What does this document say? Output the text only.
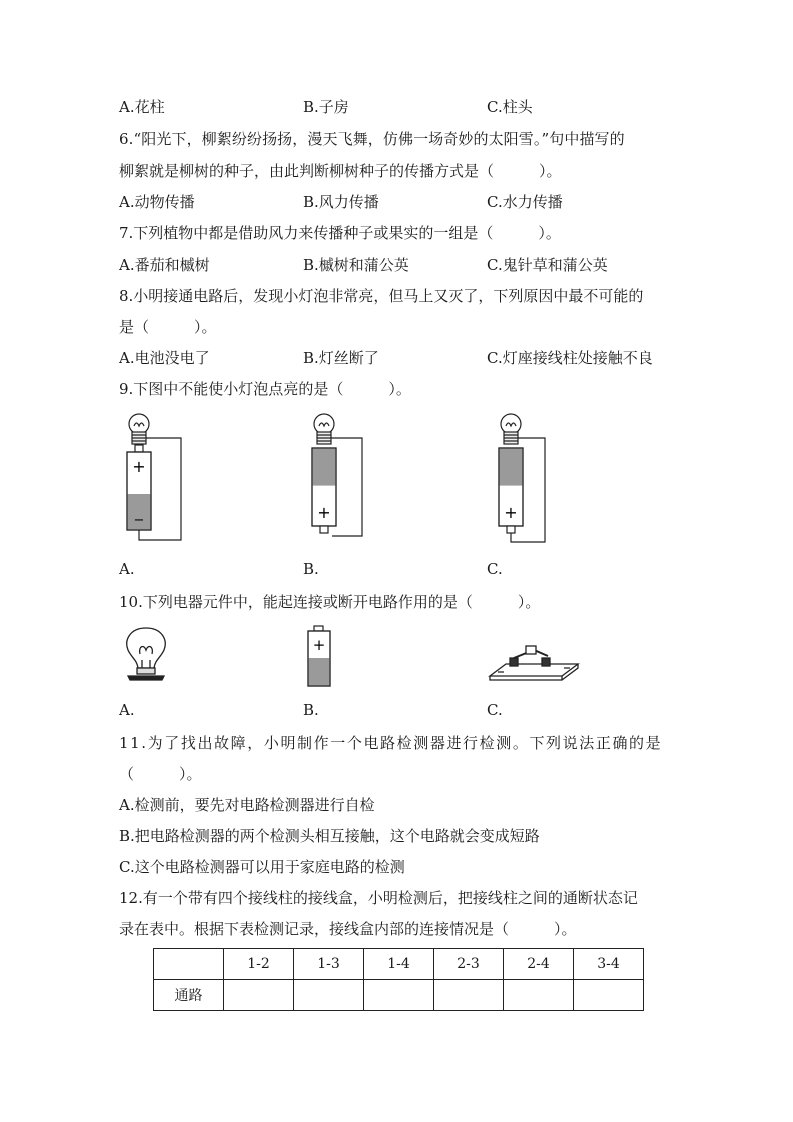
A.花柱	B.子房	C.柱头
6.“阳光下，柳絮纷纷扬扬，漫天飞舞，仿佛一场奇妙的太阳雪。”句中描写的
柳絮就是柳树的种子，由此判断柳树种子的传播方式是（　　　）。
A.动物传播	B.风力传播	C.水力传播
7.下列植物中都是借助风力来传播种子或果实的一组是（　　　）。
A.番茄和槭树	B.槭树和蒲公英	C.鬼针草和蒲公英
8.小明接通电路后，发现小灯泡非常亮，但马上又灭了，下列原因中最不可能的
是（　　　）。
A.电池没电了	B.灯丝断了	C.灯座接线柱处接触不良
9.下图中不能使小灯泡点亮的是（　　　）。
+
−	+	+
A.	B.	C.
10.下列电器元件中，能起连接或断开电路作用的是（　　　）。
+
A.	B.	C.
11.为了找出故障，小明制作一个电路检测器进行检测。下列说法正确的是
（　　　）。
A.检测前，要先对电路检测器进行自检
B.把电路检测器的两个检测头相互接触，这个电路就会变成短路
C.这个电路检测器可以用于家庭电路的检测
12.有一个带有四个接线柱的接线盒，小明检测后，把接线柱之间的通断状态记
录在表中。根据下表检测记录，接线盒内部的连接情况是（　　　）。
	1-2	1-3	1-4	2-3	2-4	3-4
通路						
